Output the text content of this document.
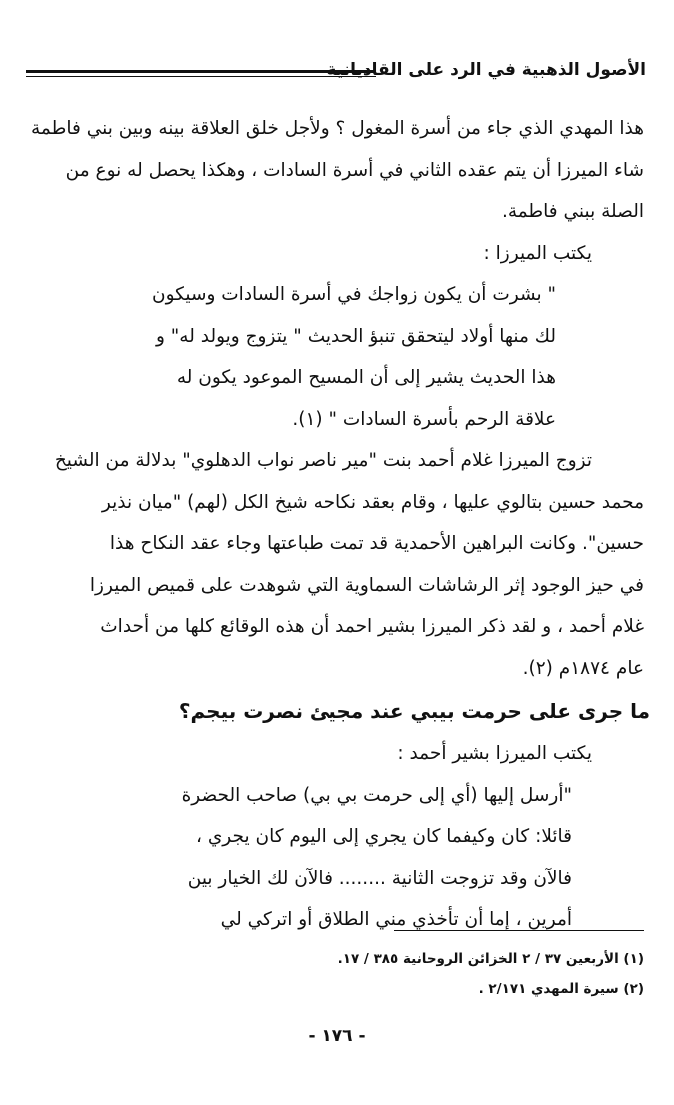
الأصول الذهبية في الرد على القاديانية
هذا المهدي الذي جاء من أسرة المغول ؟ ولأجل خلق العلاقة بينه وبين بني فاطمة
شاء الميرزا أن يتم عقده الثاني في أسرة السادات ، وهكذا يحصل له نوع من
الصلة ببني فاطمة.
يكتب الميرزا :
" بشرت أن يكون زواجك في أسرة السادات وسيكون
لك منها أولاد ليتحقق تنبؤ الحديث " يتزوج ويولد له" و
هذا الحديث يشير إلى أن المسيح الموعود يكون له
علاقة الرحم بأسرة السادات " (١).
تزوج الميرزا غلام أحمد بنت "مير ناصر نواب الدهلوي" بدلالة من الشيخ
محمد حسين بتالوي عليها ، وقام بعقد نكاحه شيخ الكل (لهم) "ميان نذير
حسين". وكانت البراهين الأحمدية قد تمت طباعتها وجاء عقد النكاح هذا
في حيز الوجود إثر الرشاشات السماوية التي شوهدت على قميص الميرزا
غلام أحمد ، و لقد ذكر الميرزا بشير احمد أن هذه الوقائع كلها من أحداث
عام ١٨٧٤م (٢).
ما جرى على حرمت بيبي عند مجيئ نصرت بيجم؟
يكتب الميرزا بشير أحمد :
"أرسل إليها (أي إلى حرمت بي بي) صاحب الحضرة
قائلا: كان وكيفما كان يجري إلى اليوم كان يجري ،
فالآن وقد تزوجت الثانية ........ فالآن لك الخيار بين
أمرين ، إما أن تأخذي مني الطلاق أو اتركي لي
(١) الأربعين ٣٧ / ٢ الخزائن الروحانية ٣٨٥ / ١٧.
(٢) سيرة المهدي ٢/١٧١ .
- ١٧٦ -
